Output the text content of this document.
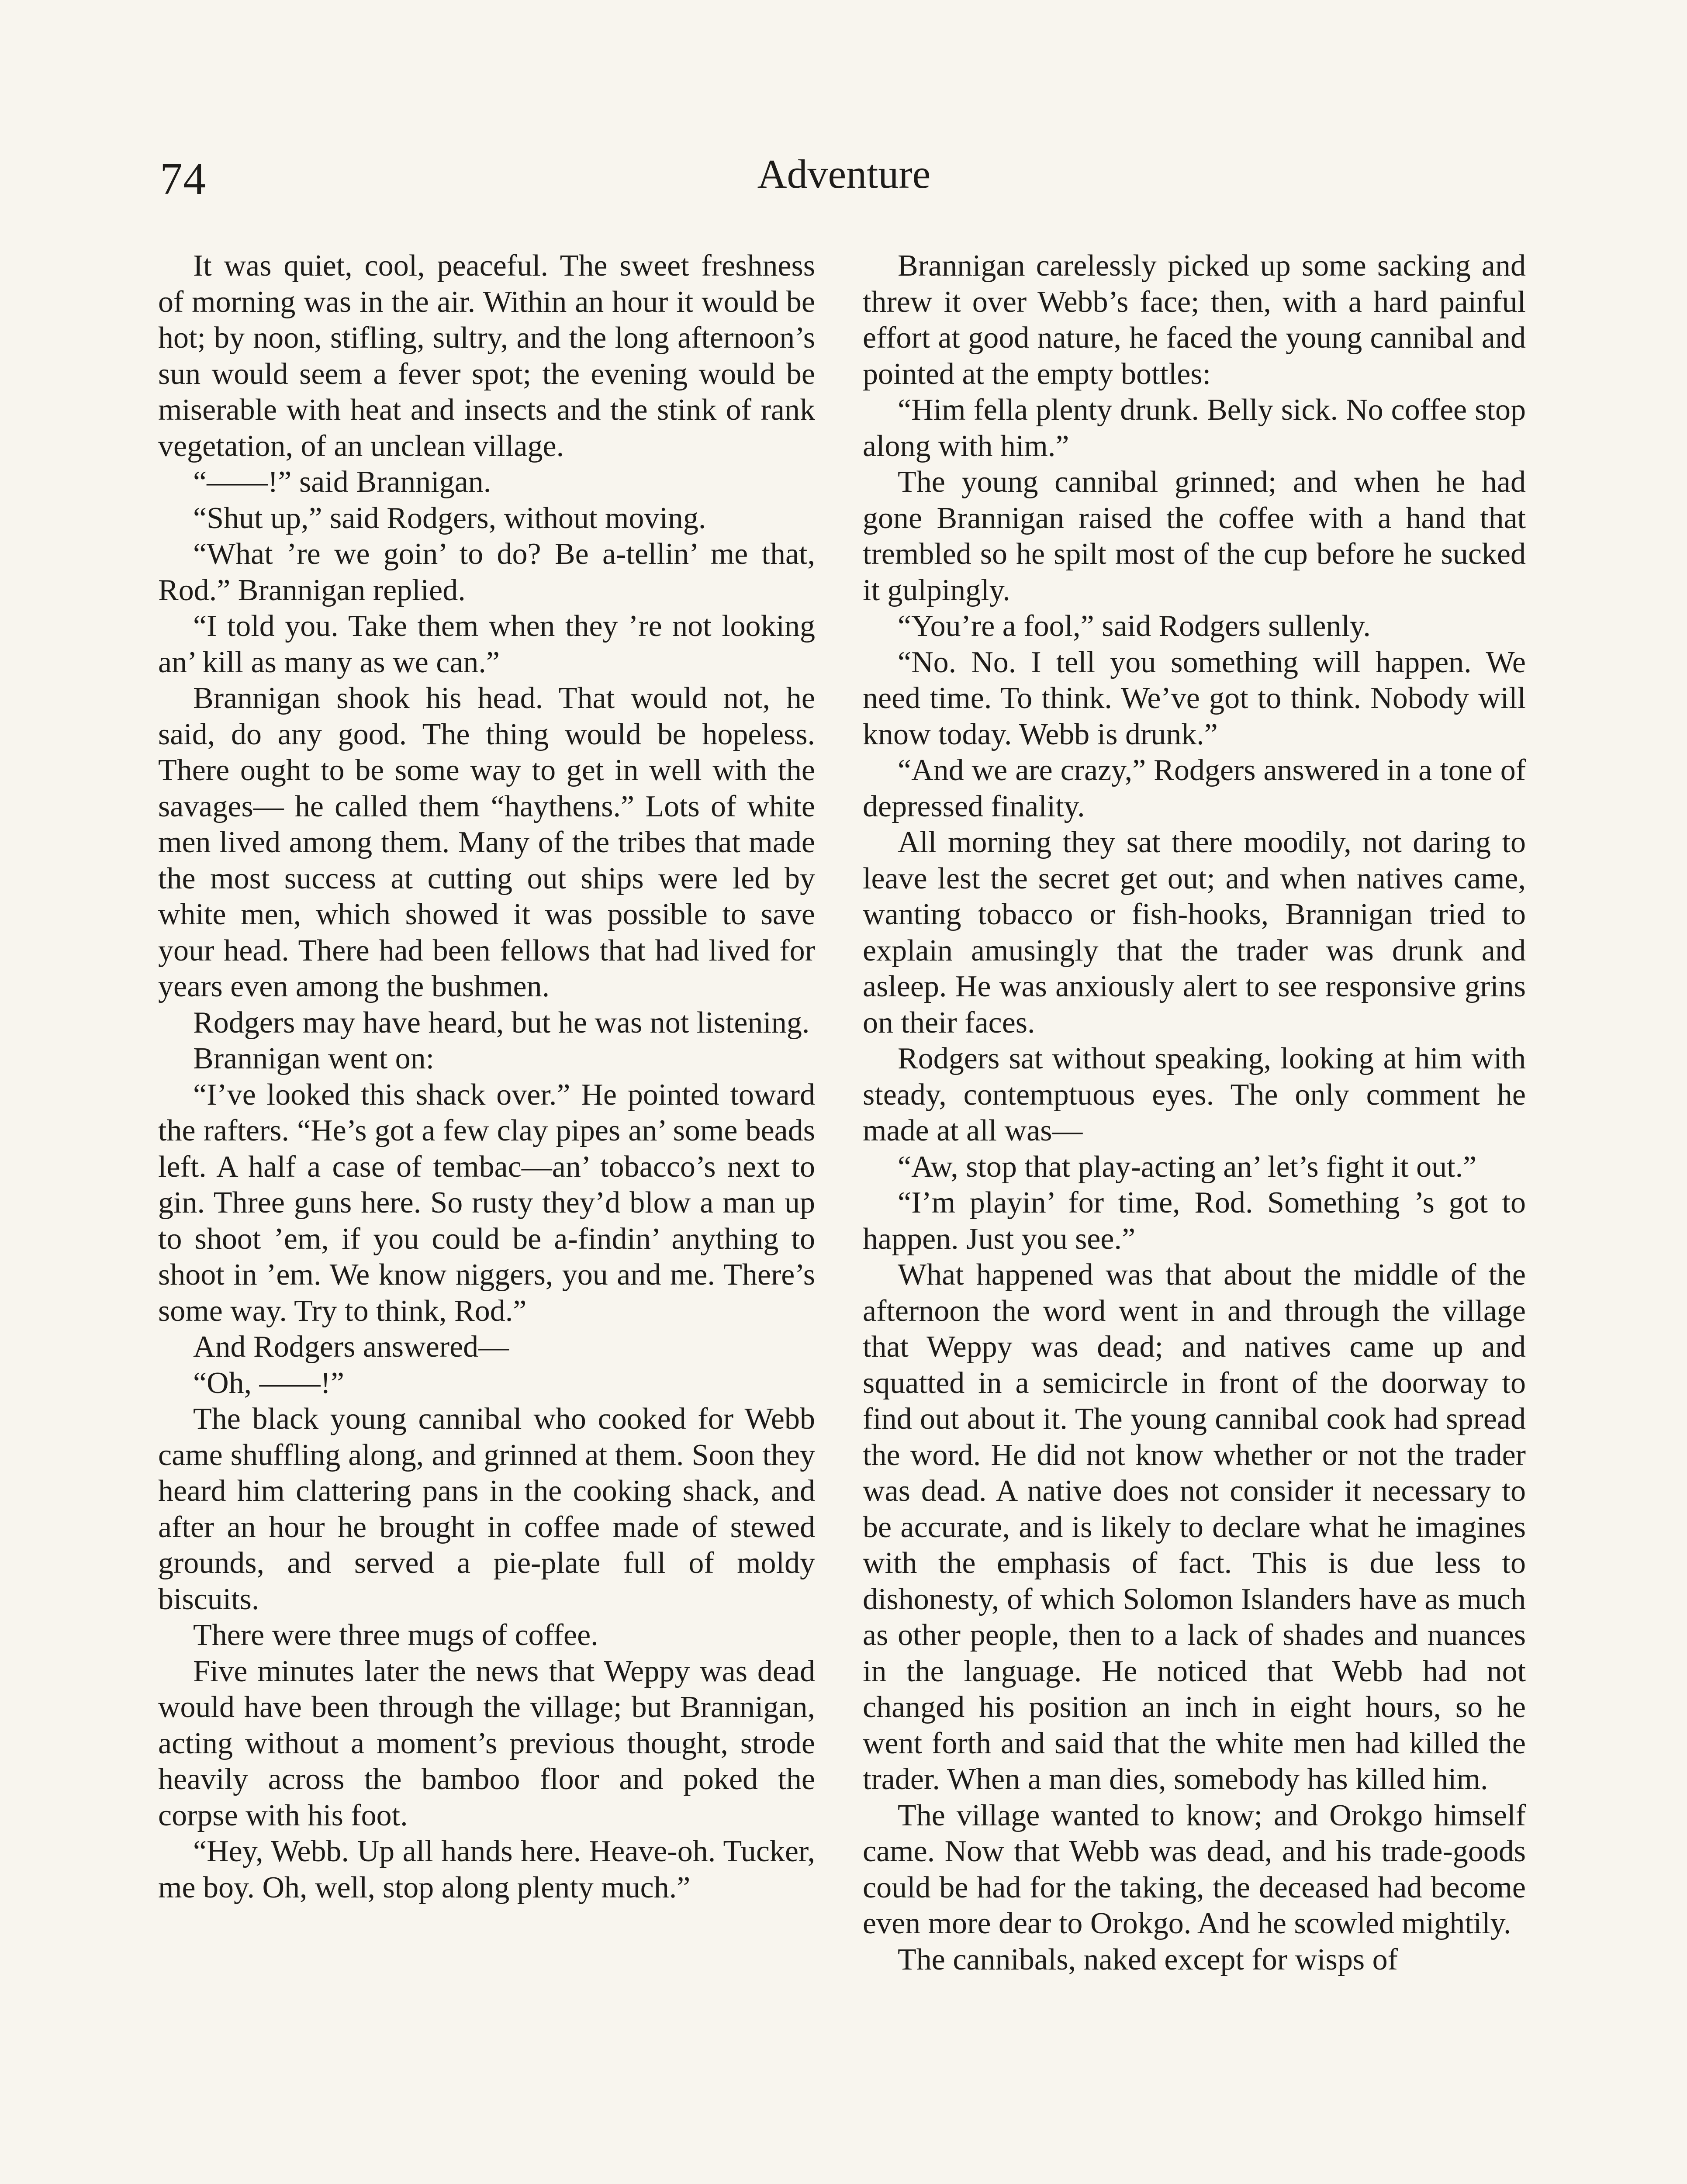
74	Adventure

It was quiet, cool, peaceful. The sweet freshness of morning was in the air. Within an hour it would be hot; by noon, stifling, sultry, and the long afternoon’s sun would seem a fever spot; the evening would be miserable with heat and insects and the stink of rank vegetation, of an unclean village.

“——!” said Brannigan.

“Shut up,” said Rodgers, without moving.

“What ’re we goin’ to do? Be a-tellin’ me that, Rod.” Brannigan replied.

“I told you. Take them when they ’re not looking an’ kill as many as we can.”

Brannigan shook his head. That would not, he said, do any good. The thing would be hopeless. There ought to be some way to get in well with the savages— he called them “haythens.” Lots of white men lived among them. Many of the tribes that made the most success at cutting out ships were led by white men, which showed it was possible to save your head. There had been fellows that had lived for years even among the bushmen.

Rodgers may have heard, but he was not listening.

Brannigan went on:

“I’ve looked this shack over.” He pointed toward the rafters. “He’s got a few clay pipes an’ some beads left. A half a case of tembac—an’ tobacco’s next to gin. Three guns here. So rusty they’d blow a man up to shoot ’em, if you could be a-findin’ anything to shoot in ’em. We know niggers, you and me. There’s some way. Try to think, Rod.”

And Rodgers answered—

“Oh, ——!”

The black young cannibal who cooked for Webb came shuffling along, and grinned at them. Soon they heard him clattering pans in the cooking shack, and after an hour he brought in coffee made of stewed grounds, and served a pie-plate full of moldy biscuits.

There were three mugs of coffee.

Five minutes later the news that Weppy was dead would have been through the village; but Brannigan, acting without a moment’s previous thought, strode heavily across the bamboo floor and poked the corpse with his foot.

“Hey, Webb. Up all hands here. Heave-oh. Tucker, me boy. Oh, well, stop along plenty much.”

Brannigan carelessly picked up some sacking and threw it over Webb’s face; then, with a hard painful effort at good nature, he faced the young cannibal and pointed at the empty bottles:

“Him fella plenty drunk. Belly sick. No coffee stop along with him.”

The young cannibal grinned; and when he had gone Brannigan raised the coffee with a hand that trembled so he spilt most of the cup before he sucked it gulpingly.

“You’re a fool,” said Rodgers sullenly.

“No. No. I tell you something will happen. We need time. To think. We’ve got to think. Nobody will know today. Webb is drunk.”

“And we are crazy,” Rodgers answered in a tone of depressed finality.

All morning they sat there moodily, not daring to leave lest the secret get out; and when natives came, wanting tobacco or fish-hooks, Brannigan tried to explain amusingly that the trader was drunk and asleep. He was anxiously alert to see responsive grins on their faces.

Rodgers sat without speaking, looking at him with steady, contemptuous eyes. The only comment he made at all was—

“Aw, stop that play-acting an’ let’s fight it out.”

“I’m playin’ for time, Rod. Something ’s got to happen. Just you see.”

What happened was that about the middle of the afternoon the word went in and through the village that Weppy was dead; and natives came up and squatted in a semicircle in front of the doorway to find out about it. The young cannibal cook had spread the word. He did not know whether or not the trader was dead. A native does not consider it necessary to be accurate, and is likely to declare what he imagines with the emphasis of fact. This is due less to dishonesty, of which Solomon Islanders have as much as other people, then to a lack of shades and nuances in the language. He noticed that Webb had not changed his position an inch in eight hours, so he went forth and said that the white men had killed the trader. When a man dies, somebody has killed him.

The village wanted to know; and Orokgo himself came. Now that Webb was dead, and his trade-goods could be had for the taking, the deceased had become even more dear to Orokgo. And he scowled mightily.

The cannibals, naked except for wisps of
